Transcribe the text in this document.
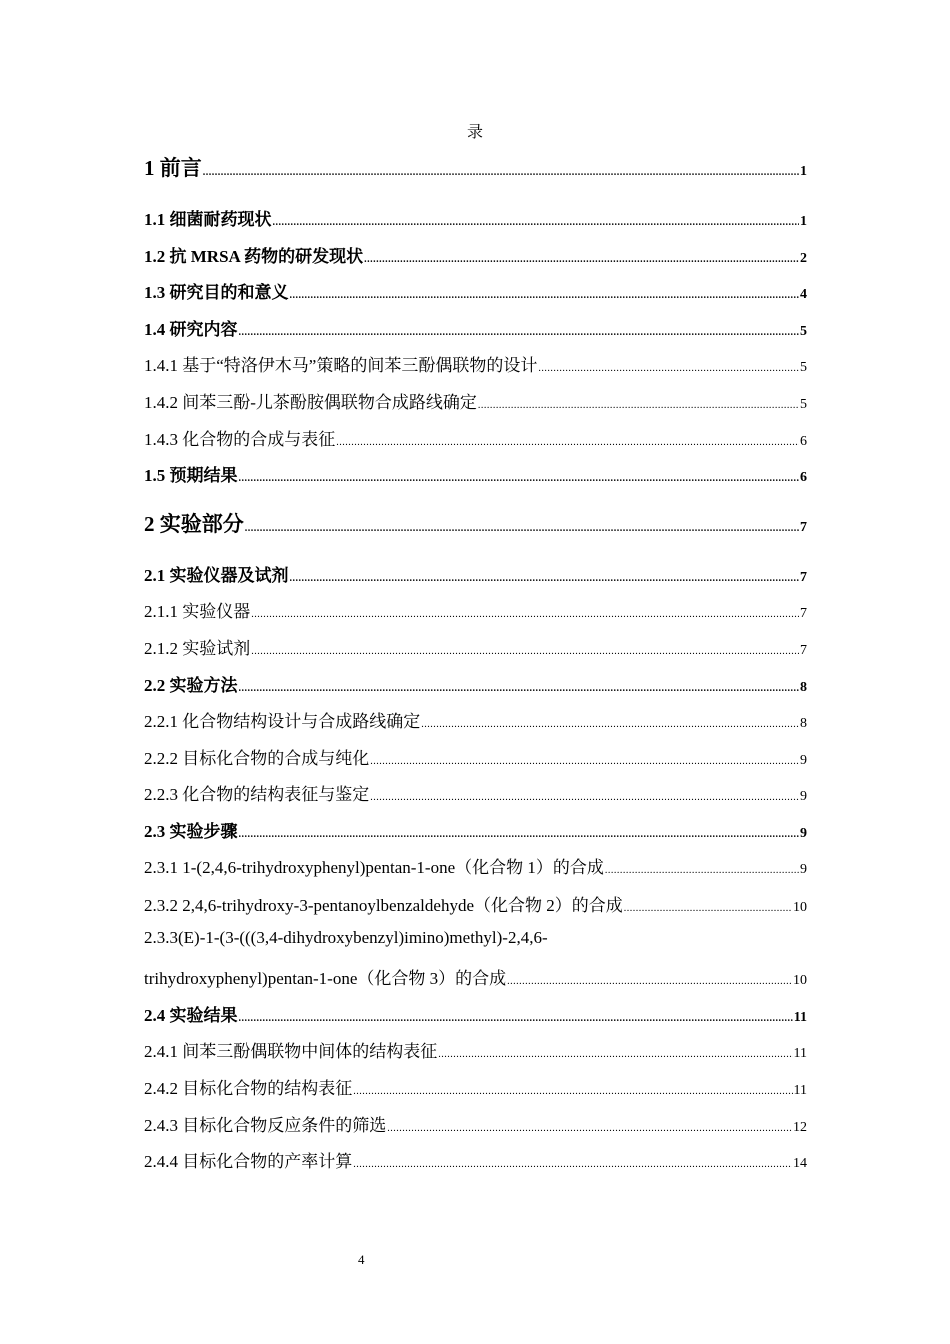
录
1 前言 .....	1
1.1 细菌耐药现状 .....	1
1.2 抗 MRSA 药物的研发现状 .....	2
1.3 研究目的和意义 .....	4
1.4 研究内容 .....	5
1.4.1 基于“特洛伊木马”策略的间苯三酚偶联物的设计 .....	5
1.4.2 间苯三酚-儿茶酚胺偶联物合成路线确定 .....	5
1.4.3 化合物的合成与表征 .....	6
1.5 预期结果 .....	6
2 实验部分 .....	7
2.1 实验仪器及试剂 .....	7
2.1.1 实验仪器 .....	7
2.1.2 实验试剂 .....	7
2.2 实验方法 .....	8
2.2.1 化合物结构设计与合成路线确定 .....	8
2.2.2 目标化合物的合成与纯化 .....	9
2.2.3 化合物的结构表征与鉴定 .....	9
2.3 实验步骤 .....	9
2.3.1 1-(2,4,6-trihydroxyphenyl)pentan-1-one（化合物 1）的合成 .....	9
2.3.2 2,4,6-trihydroxy-3-pentanoylbenzaldehyde（化合物 2）的合成 .....	10
2.3.3(E)-1-(3-(((3,4-dihydroxybenzyl)imino)methyl)-2,4,6-
trihydroxyphenyl)pentan-1-one（化合物 3）的合成 .....	10
2.4 实验结果 .....	11
2.4.1 间苯三酚偶联物中间体的结构表征 .....	11
2.4.2 目标化合物的结构表征 .....	11
2.4.3 目标化合物反应条件的筛选 .....	12
2.4.4 目标化合物的产率计算 .....	14
4
